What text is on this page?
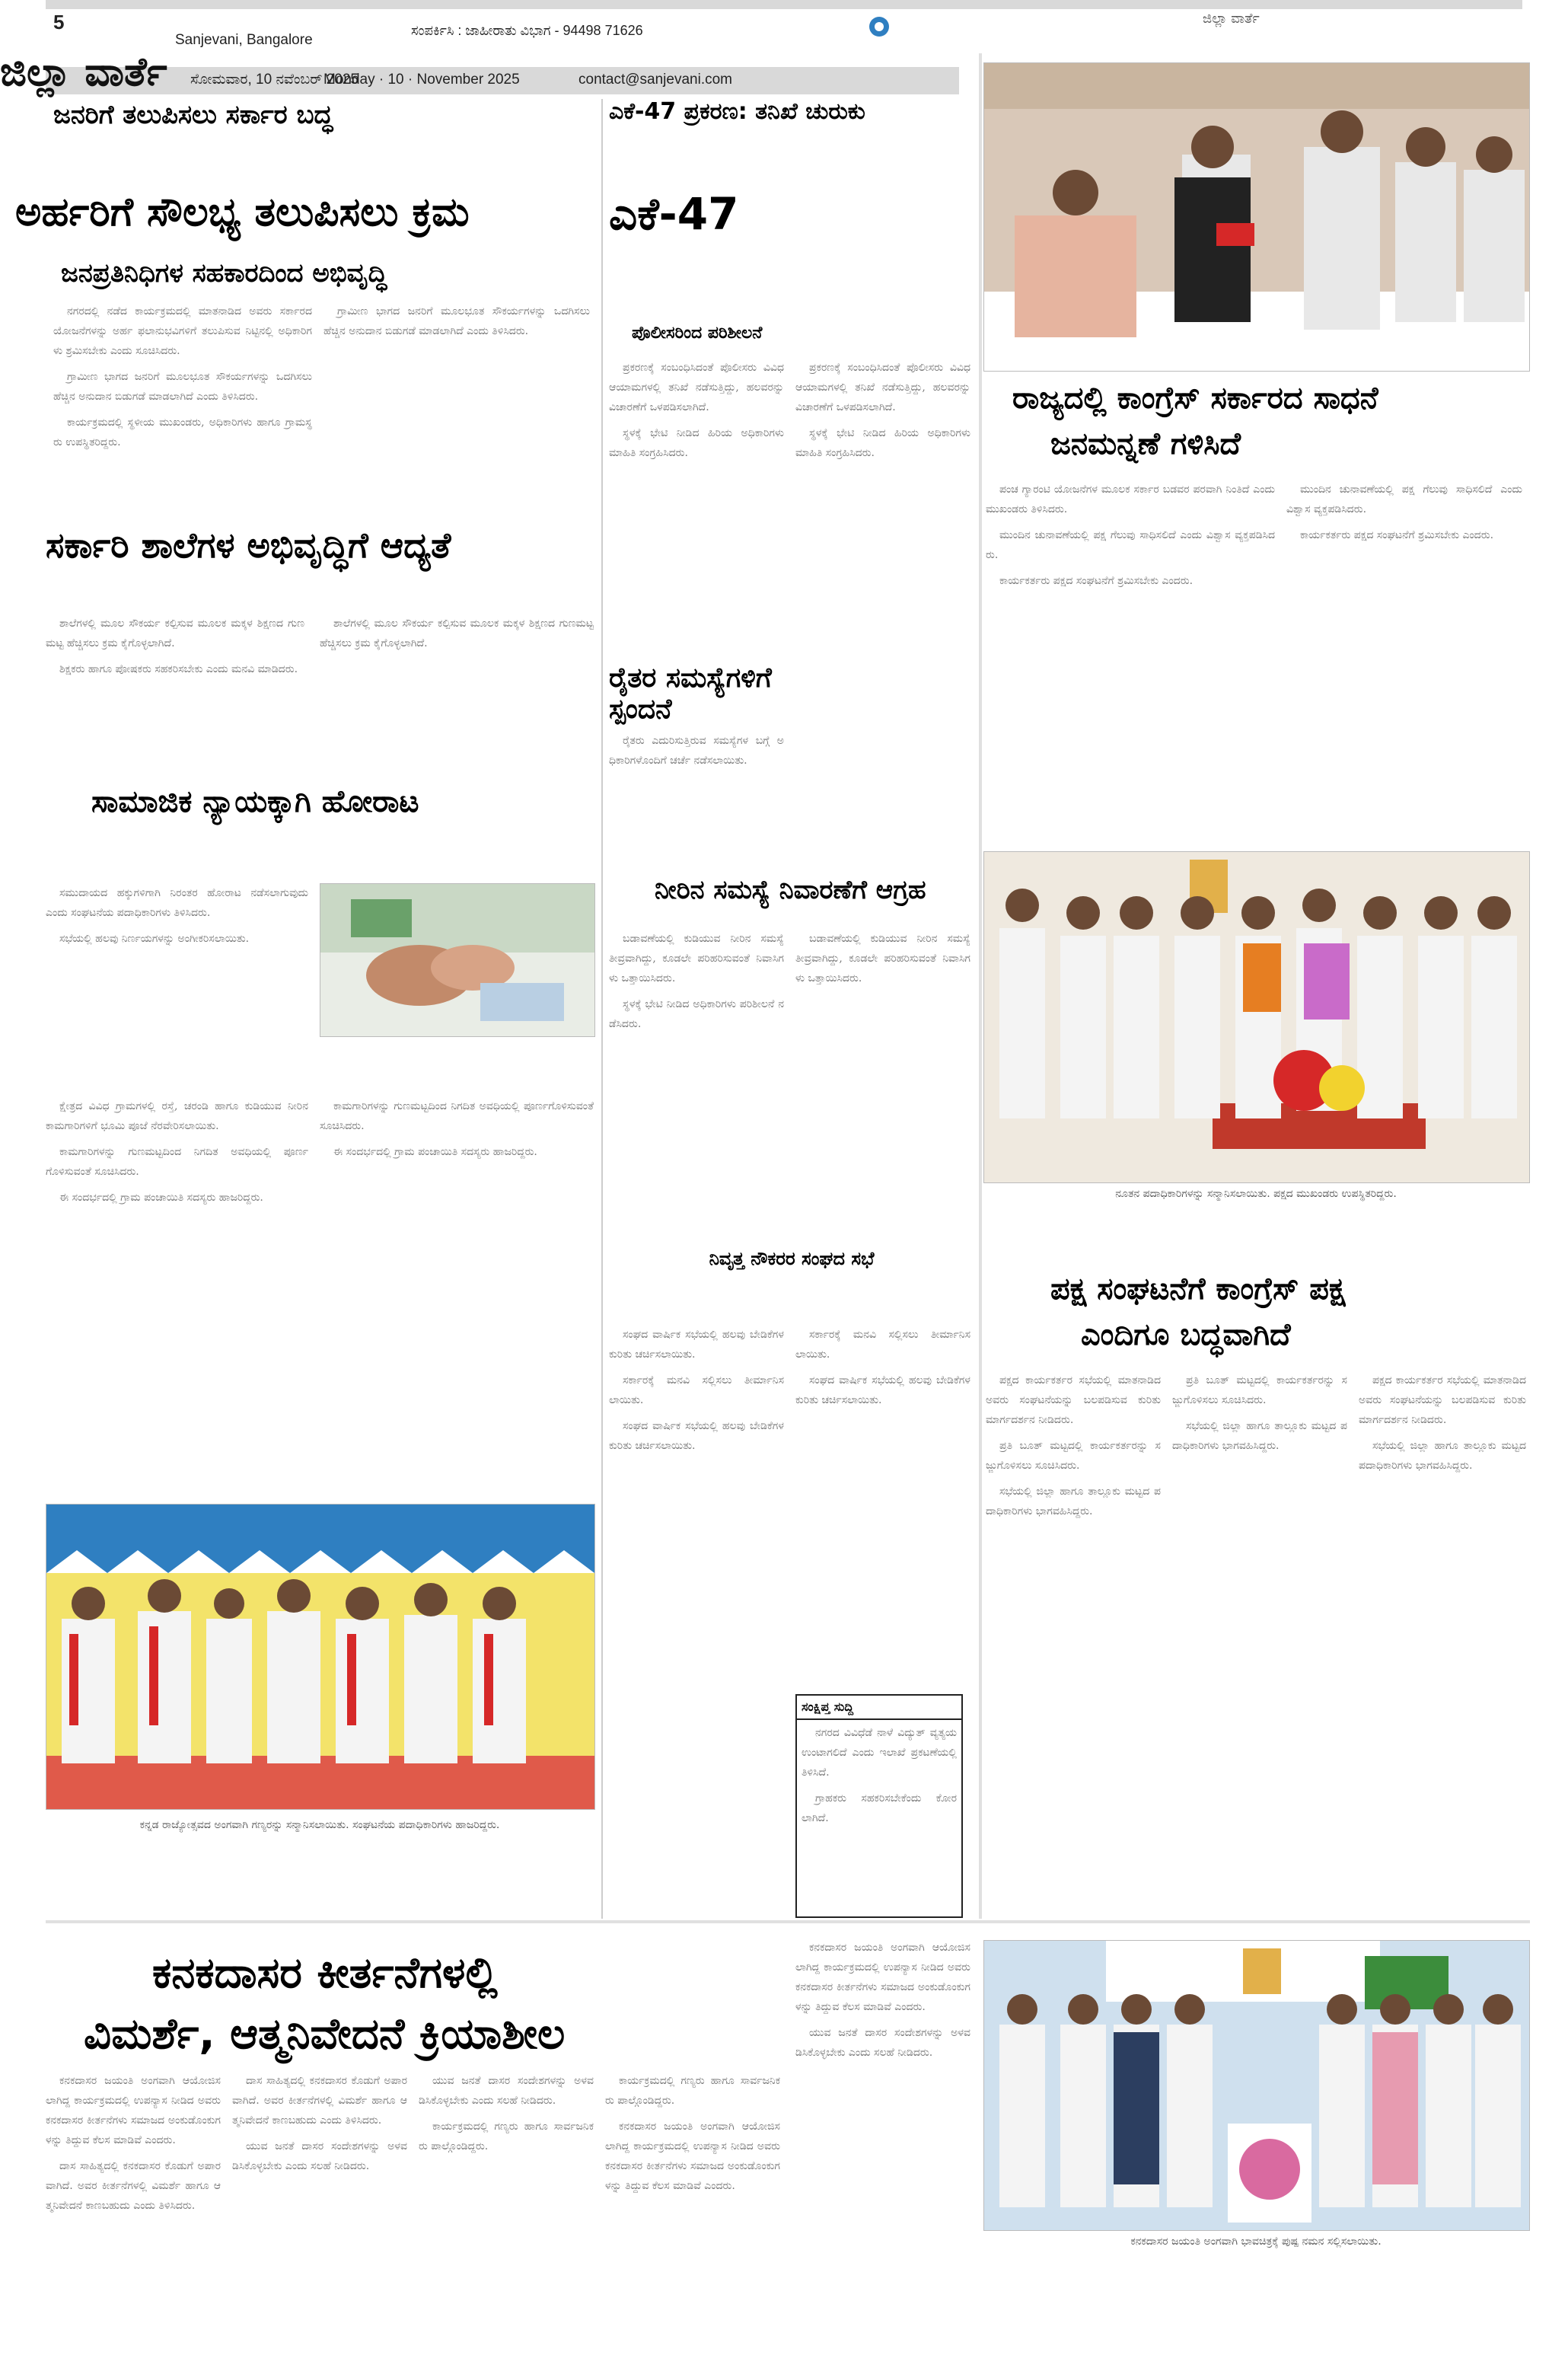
5
Sanjevani, Bangalore
ಸಂಪರ್ಕಿಸಿ : ಜಾಹೀರಾತು ವಿಭಾಗ - 94498 71626
ಜಿಲ್ಲಾ ವಾರ್ತೆ
ಜಿಲ್ಲಾ ವಾರ್ತೆ ಸೋಮವಾರ, 10 ನವೆಂಬರ್ 2025
Monday · 10 · November 2025	contact@sanjevani.com
ಜನರಿಗೆ ತಲುಪಿಸಲು ಸರ್ಕಾರ ಬದ್ಧ
ಅರ್ಹರಿಗೆ ಸೌಲಭ್ಯ ತಲುಪಿಸಲು ಕ್ರಮ
ಜನಪ್ರತಿನಿಧಿಗಳ ಸಹಕಾರದಿಂದ ಅಭಿವೃದ್ಧಿ

ನಗರದಲ್ಲಿ ನಡೆದ ಕಾರ್ಯಕ್ರಮದಲ್ಲಿ ಮಾತನಾಡಿದ ಅವರು ಸರ್ಕಾರದ ಯೋಜನೆಗಳನ್ನು ಅರ್ಹ ಫಲಾನುಭವಿಗಳಿಗೆ ತಲುಪಿಸುವ ನಿಟ್ಟಿನಲ್ಲಿ ಅಧಿಕಾರಿಗಳು ಶ್ರಮಿಸಬೇಕು ಎಂದು ಸೂಚಿಸಿದರು.

ಗ್ರಾಮೀಣ ಭಾಗದ ಜನರಿಗೆ ಮೂಲಭೂತ ಸೌಕರ್ಯಗಳನ್ನು ಒದಗಿಸಲು ಹೆಚ್ಚಿನ ಅನುದಾನ ಬಿಡುಗಡೆ ಮಾಡಲಾಗಿದೆ ಎಂದು ತಿಳಿಸಿದರು.

ಕಾರ್ಯಕ್ರಮದಲ್ಲಿ ಸ್ಥಳೀಯ ಮುಖಂಡರು, ಅಧಿಕಾರಿಗಳು ಹಾಗೂ ಗ್ರಾಮಸ್ಥರು ಉಪಸ್ಥಿತರಿದ್ದರು.

ಗ್ರಾಮೀಣ ಭಾಗದ ಜನರಿಗೆ ಮೂಲಭೂತ ಸೌಕರ್ಯಗಳನ್ನು ಒದಗಿಸಲು ಹೆಚ್ಚಿನ ಅನುದಾನ ಬಿಡುಗಡೆ ಮಾಡಲಾಗಿದೆ ಎಂದು ತಿಳಿಸಿದರು.

ಸರ್ಕಾರಿ ಶಾಲೆಗಳ ಅಭಿವೃದ್ಧಿಗೆ ಆದ್ಯತೆ

ಶಾಲೆಗಳಲ್ಲಿ ಮೂಲ ಸೌಕರ್ಯ ಕಲ್ಪಿಸುವ ಮೂಲಕ ಮಕ್ಕಳ ಶಿಕ್ಷಣದ ಗುಣಮಟ್ಟ ಹೆಚ್ಚಿಸಲು ಕ್ರಮ ಕೈಗೊಳ್ಳಲಾಗಿದೆ.

ಶಿಕ್ಷಕರು ಹಾಗೂ ಪೋಷಕರು ಸಹಕರಿಸಬೇಕು ಎಂದು ಮನವಿ ಮಾಡಿದರು.

ಶಾಲೆಗಳಲ್ಲಿ ಮೂಲ ಸೌಕರ್ಯ ಕಲ್ಪಿಸುವ ಮೂಲಕ ಮಕ್ಕಳ ಶಿಕ್ಷಣದ ಗುಣಮಟ್ಟ ಹೆಚ್ಚಿಸಲು ಕ್ರಮ ಕೈಗೊಳ್ಳಲಾಗಿದೆ.

ಸಾಮಾಜಿಕ ನ್ಯಾಯಕ್ಕಾಗಿ ಹೋರಾಟ

ಸಮುದಾಯದ ಹಕ್ಕುಗಳಿಗಾಗಿ ನಿರಂತರ ಹೋರಾಟ ನಡೆಸಲಾಗುವುದು ಎಂದು ಸಂಘಟನೆಯ ಪದಾಧಿಕಾರಿಗಳು ತಿಳಿಸಿದರು.

ಸಭೆಯಲ್ಲಿ ಹಲವು ನಿರ್ಣಯಗಳನ್ನು ಅಂಗೀಕರಿಸಲಾಯಿತು.

ಕ್ಷೇತ್ರದ ವಿವಿಧ ಗ್ರಾಮಗಳಲ್ಲಿ ರಸ್ತೆ, ಚರಂಡಿ ಹಾಗೂ ಕುಡಿಯುವ ನೀರಿನ ಕಾಮಗಾರಿಗಳಿಗೆ ಭೂಮಿ ಪೂಜೆ ನೆರವೇರಿಸಲಾಯಿತು.

ಕಾಮಗಾರಿಗಳನ್ನು ಗುಣಮಟ್ಟದಿಂದ ನಿಗದಿತ ಅವಧಿಯಲ್ಲಿ ಪೂರ್ಣಗೊಳಿಸುವಂತೆ ಸೂಚಿಸಿದರು.

ಈ ಸಂದರ್ಭದಲ್ಲಿ ಗ್ರಾಮ ಪಂಚಾಯಿತಿ ಸದಸ್ಯರು ಹಾಜರಿದ್ದರು.

ಕಾಮಗಾರಿಗಳನ್ನು ಗುಣಮಟ್ಟದಿಂದ ನಿಗದಿತ ಅವಧಿಯಲ್ಲಿ ಪೂರ್ಣಗೊಳಿಸುವಂತೆ ಸೂಚಿಸಿದರು.

ಈ ಸಂದರ್ಭದಲ್ಲಿ ಗ್ರಾಮ ಪಂಚಾಯಿತಿ ಸದಸ್ಯರು ಹಾಜರಿದ್ದರು.

ಕನ್ನಡ ರಾಜ್ಯೋತ್ಸವದ ಅಂಗವಾಗಿ ಗಣ್ಯರನ್ನು ಸನ್ಮಾನಿಸಲಾಯಿತು. ಸಂಘಟನೆಯ ಪದಾಧಿಕಾರಿಗಳು ಹಾಜರಿದ್ದರು.
ಎಕೆ-47 ಪ್ರಕರಣ: ತನಿಖೆ ಚುರುಕು
ಎಕೆ-47
ಪೊಲೀಸರಿಂದ ಪರಿಶೀಲನೆ

ಪ್ರಕರಣಕ್ಕೆ ಸಂಬಂಧಿಸಿದಂತೆ ಪೊಲೀಸರು ವಿವಿಧ ಆಯಾಮಗಳಲ್ಲಿ ತನಿಖೆ ನಡೆಸುತ್ತಿದ್ದು, ಹಲವರನ್ನು ವಿಚಾರಣೆಗೆ ಒಳಪಡಿಸಲಾಗಿದೆ.

ಸ್ಥಳಕ್ಕೆ ಭೇಟಿ ನೀಡಿದ ಹಿರಿಯ ಅಧಿಕಾರಿಗಳು ಮಾಹಿತಿ ಸಂಗ್ರಹಿಸಿದರು.

ಪ್ರಕರಣಕ್ಕೆ ಸಂಬಂಧಿಸಿದಂತೆ ಪೊಲೀಸರು ವಿವಿಧ ಆಯಾಮಗಳಲ್ಲಿ ತನಿಖೆ ನಡೆಸುತ್ತಿದ್ದು, ಹಲವರನ್ನು ವಿಚಾರಣೆಗೆ ಒಳಪಡಿಸಲಾಗಿದೆ.

ಸ್ಥಳಕ್ಕೆ ಭೇಟಿ ನೀಡಿದ ಹಿರಿಯ ಅಧಿಕಾರಿಗಳು ಮಾಹಿತಿ ಸಂಗ್ರಹಿಸಿದರು.

ರೈತರ ಸಮಸ್ಯೆಗಳಿಗೆ ಸ್ಪಂದನೆ

ರೈತರು ಎದುರಿಸುತ್ತಿರುವ ಸಮಸ್ಯೆಗಳ ಬಗ್ಗೆ ಅಧಿಕಾರಿಗಳೊಂದಿಗೆ ಚರ್ಚೆ ನಡೆಸಲಾಯಿತು.

ನೀರಿನ ಸಮಸ್ಯೆ ನಿವಾರಣೆಗೆ ಆಗ್ರಹ

ಬಡಾವಣೆಯಲ್ಲಿ ಕುಡಿಯುವ ನೀರಿನ ಸಮಸ್ಯೆ ತೀವ್ರವಾಗಿದ್ದು, ಕೂಡಲೇ ಪರಿಹರಿಸುವಂತೆ ನಿವಾಸಿಗಳು ಒತ್ತಾಯಿಸಿದರು.

ಸ್ಥಳಕ್ಕೆ ಭೇಟಿ ನೀಡಿದ ಅಧಿಕಾರಿಗಳು ಪರಿಶೀಲನೆ ನಡೆಸಿದರು.

ಬಡಾವಣೆಯಲ್ಲಿ ಕುಡಿಯುವ ನೀರಿನ ಸಮಸ್ಯೆ ತೀವ್ರವಾಗಿದ್ದು, ಕೂಡಲೇ ಪರಿಹರಿಸುವಂತೆ ನಿವಾಸಿಗಳು ಒತ್ತಾಯಿಸಿದರು.

ನಿವೃತ್ತ ನೌಕರರ ಸಂಘದ ಸಭೆ

ಸಂಘದ ವಾರ್ಷಿಕ ಸಭೆಯಲ್ಲಿ ಹಲವು ಬೇಡಿಕೆಗಳ ಕುರಿತು ಚರ್ಚಿಸಲಾಯಿತು.

ಸರ್ಕಾರಕ್ಕೆ ಮನವಿ ಸಲ್ಲಿಸಲು ತೀರ್ಮಾನಿಸಲಾಯಿತು.

ಸಂಘದ ವಾರ್ಷಿಕ ಸಭೆಯಲ್ಲಿ ಹಲವು ಬೇಡಿಕೆಗಳ ಕುರಿತು ಚರ್ಚಿಸಲಾಯಿತು.

ಸರ್ಕಾರಕ್ಕೆ ಮನವಿ ಸಲ್ಲಿಸಲು ತೀರ್ಮಾನಿಸಲಾಯಿತು.

ಸಂಘದ ವಾರ್ಷಿಕ ಸಭೆಯಲ್ಲಿ ಹಲವು ಬೇಡಿಕೆಗಳ ಕುರಿತು ಚರ್ಚಿಸಲಾಯಿತು.

ಸಂಕ್ಷಿಪ್ತ ಸುದ್ದಿ

ನಗರದ ವಿವಿಧೆಡೆ ನಾಳೆ ವಿದ್ಯುತ್ ವ್ಯತ್ಯಯ ಉಂಟಾಗಲಿದೆ ಎಂದು ಇಲಾಖೆ ಪ್ರಕಟಣೆಯಲ್ಲಿ ತಿಳಿಸಿದೆ.

ಗ್ರಾಹಕರು ಸಹಕರಿಸಬೇಕೆಂದು ಕೋರಲಾಗಿದೆ.

ರಾಜ್ಯದಲ್ಲಿ ಕಾಂಗ್ರೆಸ್ ಸರ್ಕಾರದ ಸಾಧನೆ
ಜನಮನ್ನಣೆ ಗಳಿಸಿದೆ

ಪಂಚ ಗ್ಯಾರಂಟಿ ಯೋಜನೆಗಳ ಮೂಲಕ ಸರ್ಕಾರ ಬಡವರ ಪರವಾಗಿ ನಿಂತಿದೆ ಎಂದು ಮುಖಂಡರು ತಿಳಿಸಿದರು.

ಮುಂದಿನ ಚುನಾವಣೆಯಲ್ಲಿ ಪಕ್ಷ ಗೆಲುವು ಸಾಧಿಸಲಿದೆ ಎಂದು ವಿಶ್ವಾಸ ವ್ಯಕ್ತಪಡಿಸಿದರು.

ಕಾರ್ಯಕರ್ತರು ಪಕ್ಷದ ಸಂಘಟನೆಗೆ ಶ್ರಮಿಸಬೇಕು ಎಂದರು.

ಮುಂದಿನ ಚುನಾವಣೆಯಲ್ಲಿ ಪಕ್ಷ ಗೆಲುವು ಸಾಧಿಸಲಿದೆ ಎಂದು ವಿಶ್ವಾಸ ವ್ಯಕ್ತಪಡಿಸಿದರು.

ಕಾರ್ಯಕರ್ತರು ಪಕ್ಷದ ಸಂಘಟನೆಗೆ ಶ್ರಮಿಸಬೇಕು ಎಂದರು.

ನೂತನ ಪದಾಧಿಕಾರಿಗಳನ್ನು ಸನ್ಮಾನಿಸಲಾಯಿತು. ಪಕ್ಷದ ಮುಖಂಡರು ಉಪಸ್ಥಿತರಿದ್ದರು.
ಪಕ್ಷ ಸಂಘಟನೆಗೆ ಕಾಂಗ್ರೆಸ್ ಪಕ್ಷ
ಎಂದಿಗೂ ಬದ್ಧವಾಗಿದೆ

ಪಕ್ಷದ ಕಾರ್ಯಕರ್ತರ ಸಭೆಯಲ್ಲಿ ಮಾತನಾಡಿದ ಅವರು ಸಂಘಟನೆಯನ್ನು ಬಲಪಡಿಸುವ ಕುರಿತು ಮಾರ್ಗದರ್ಶನ ನೀಡಿದರು.

ಪ್ರತಿ ಬೂತ್ ಮಟ್ಟದಲ್ಲಿ ಕಾರ್ಯಕರ್ತರನ್ನು ಸಜ್ಜುಗೊಳಿಸಲು ಸೂಚಿಸಿದರು.

ಸಭೆಯಲ್ಲಿ ಜಿಲ್ಲಾ ಹಾಗೂ ತಾಲ್ಲೂಕು ಮಟ್ಟದ ಪದಾಧಿಕಾರಿಗಳು ಭಾಗವಹಿಸಿದ್ದರು.

ಪ್ರತಿ ಬೂತ್ ಮಟ್ಟದಲ್ಲಿ ಕಾರ್ಯಕರ್ತರನ್ನು ಸಜ್ಜುಗೊಳಿಸಲು ಸೂಚಿಸಿದರು.

ಸಭೆಯಲ್ಲಿ ಜಿಲ್ಲಾ ಹಾಗೂ ತಾಲ್ಲೂಕು ಮಟ್ಟದ ಪದಾಧಿಕಾರಿಗಳು ಭಾಗವಹಿಸಿದ್ದರು.

ಪಕ್ಷದ ಕಾರ್ಯಕರ್ತರ ಸಭೆಯಲ್ಲಿ ಮಾತನಾಡಿದ ಅವರು ಸಂಘಟನೆಯನ್ನು ಬಲಪಡಿಸುವ ಕುರಿತು ಮಾರ್ಗದರ್ಶನ ನೀಡಿದರು.

ಸಭೆಯಲ್ಲಿ ಜಿಲ್ಲಾ ಹಾಗೂ ತಾಲ್ಲೂಕು ಮಟ್ಟದ ಪದಾಧಿಕಾರಿಗಳು ಭಾಗವಹಿಸಿದ್ದರು.

ಕನಕದಾಸರ ಕೀರ್ತನೆಗಳಲ್ಲಿ
ವಿಮರ್ಶೆ, ಆತ್ಮನಿವೇದನೆ ಕ್ರಿಯಾಶೀಲ

ಕನಕದಾಸರ ಜಯಂತಿ ಅಂಗವಾಗಿ ಆಯೋಜಿಸಲಾಗಿದ್ದ ಕಾರ್ಯಕ್ರಮದಲ್ಲಿ ಉಪನ್ಯಾಸ ನೀಡಿದ ಅವರು ಕನಕದಾಸರ ಕೀರ್ತನೆಗಳು ಸಮಾಜದ ಅಂಕುಡೊಂಕುಗಳನ್ನು ತಿದ್ದುವ ಕೆಲಸ ಮಾಡಿವೆ ಎಂದರು.

ದಾಸ ಸಾಹಿತ್ಯದಲ್ಲಿ ಕನಕದಾಸರ ಕೊಡುಗೆ ಅಪಾರವಾಗಿದೆ. ಅವರ ಕೀರ್ತನೆಗಳಲ್ಲಿ ವಿಮರ್ಶೆ ಹಾಗೂ ಆತ್ಮನಿವೇದನೆ ಕಾಣಬಹುದು ಎಂದು ತಿಳಿಸಿದರು.

ದಾಸ ಸಾಹಿತ್ಯದಲ್ಲಿ ಕನಕದಾಸರ ಕೊಡುಗೆ ಅಪಾರವಾಗಿದೆ. ಅವರ ಕೀರ್ತನೆಗಳಲ್ಲಿ ವಿಮರ್ಶೆ ಹಾಗೂ ಆತ್ಮನಿವೇದನೆ ಕಾಣಬಹುದು ಎಂದು ತಿಳಿಸಿದರು.

ಯುವ ಜನತೆ ದಾಸರ ಸಂದೇಶಗಳನ್ನು ಅಳವಡಿಸಿಕೊಳ್ಳಬೇಕು ಎಂದು ಸಲಹೆ ನೀಡಿದರು.

ಯುವ ಜನತೆ ದಾಸರ ಸಂದೇಶಗಳನ್ನು ಅಳವಡಿಸಿಕೊಳ್ಳಬೇಕು ಎಂದು ಸಲಹೆ ನೀಡಿದರು.

ಕಾರ್ಯಕ್ರಮದಲ್ಲಿ ಗಣ್ಯರು ಹಾಗೂ ಸಾರ್ವಜನಿಕರು ಪಾಲ್ಗೊಂಡಿದ್ದರು.

ಕಾರ್ಯಕ್ರಮದಲ್ಲಿ ಗಣ್ಯರು ಹಾಗೂ ಸಾರ್ವಜನಿಕರು ಪಾಲ್ಗೊಂಡಿದ್ದರು.

ಕನಕದಾಸರ ಜಯಂತಿ ಅಂಗವಾಗಿ ಆಯೋಜಿಸಲಾಗಿದ್ದ ಕಾರ್ಯಕ್ರಮದಲ್ಲಿ ಉಪನ್ಯಾಸ ನೀಡಿದ ಅವರು ಕನಕದಾಸರ ಕೀರ್ತನೆಗಳು ಸಮಾಜದ ಅಂಕುಡೊಂಕುಗಳನ್ನು ತಿದ್ದುವ ಕೆಲಸ ಮಾಡಿವೆ ಎಂದರು.

ಕನಕದಾಸರ ಜಯಂತಿ ಅಂಗವಾಗಿ ಆಯೋಜಿಸಲಾಗಿದ್ದ ಕಾರ್ಯಕ್ರಮದಲ್ಲಿ ಉಪನ್ಯಾಸ ನೀಡಿದ ಅವರು ಕನಕದಾಸರ ಕೀರ್ತನೆಗಳು ಸಮಾಜದ ಅಂಕುಡೊಂಕುಗಳನ್ನು ತಿದ್ದುವ ಕೆಲಸ ಮಾಡಿವೆ ಎಂದರು.

ಯುವ ಜನತೆ ದಾಸರ ಸಂದೇಶಗಳನ್ನು ಅಳವಡಿಸಿಕೊಳ್ಳಬೇಕು ಎಂದು ಸಲಹೆ ನೀಡಿದರು.

ಕನಕದಾಸರ ಜಯಂತಿ ಅಂಗವಾಗಿ ಭಾವಚಿತ್ರಕ್ಕೆ ಪುಷ್ಪ ನಮನ ಸಲ್ಲಿಸಲಾಯಿತು.
